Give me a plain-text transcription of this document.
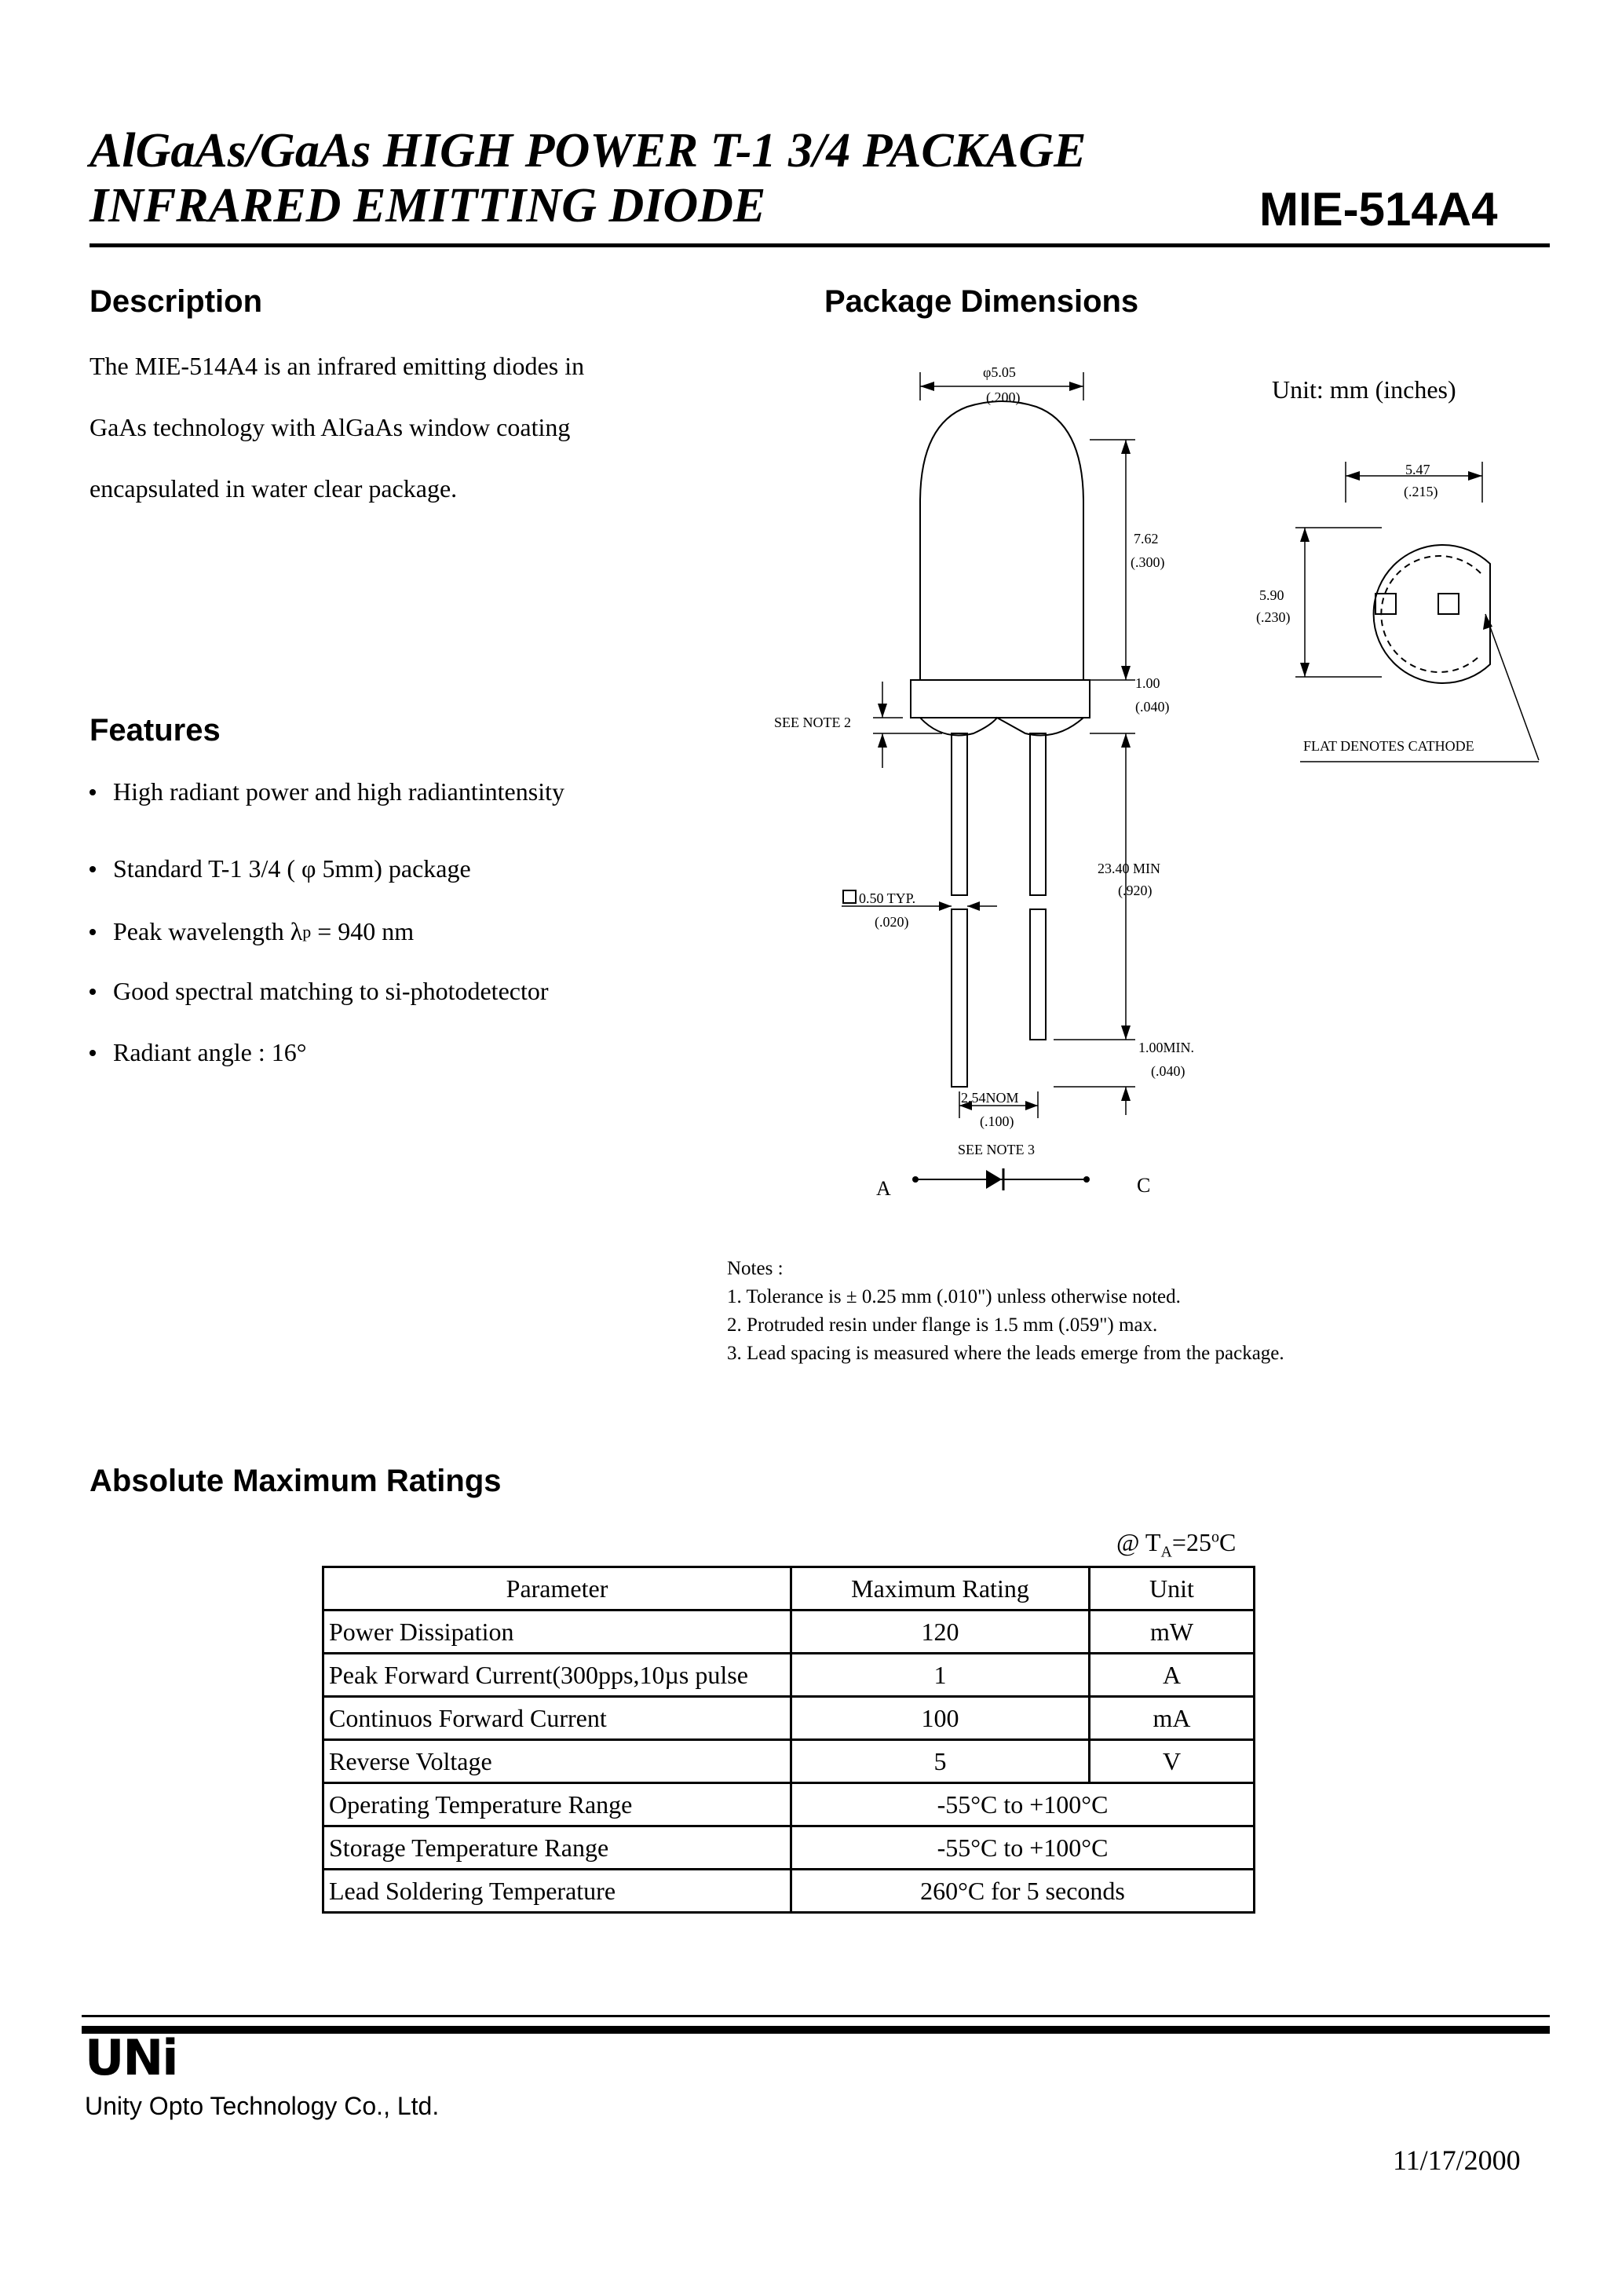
AlGaAs/GaAs HIGH POWER T-1 3/4 PACKAGE
INFRARED EMITTING DIODE	MIE-514A4
Description
The MIE-514A4 is an infrared emitting diodes in
GaAs technology with AlGaAs window coating
encapsulated in water clear package.
Features
High radiant power and high radiantintensity
Standard T-1 3/4 ( φ 5mm) package
Peak wavelength λ p = 940 nm
Good spectral matching to si-photodetector
Radiant angle : 16°
Package Dimensions
Unit: mm (inches)
φ5.05
(.200)
7.62
(.300)
1.00
(.040)
SEE NOTE 2
23.40 MIN
(.920)
0.50 TYP.
(.020)
1.00MIN.
(.040)
2.54NOM
(.100)
SEE NOTE 3
5.47
(.215)
5.90
(.230)
FLAT DENOTES CATHODE
A	C
Notes :
1. Tolerance is ± 0.25 mm (.010") unless otherwise noted.
2. Protruded resin under flange is 1.5 mm (.059") max.
3. Lead spacing is measured where the leads emerge from the package.
Absolute Maximum Ratings
@ $T_A=25^oC$
Parameter	Maximum Rating	Unit
Power Dissipation	120	mW
Peak Forward Current(300pps,10µs pulse	1	A
Continuos Forward Current	100	mA
Reverse Voltage	5	V
Operating Temperature Range	-55°C to +100°C	
Storage Temperature Range	-55°C to +100°C	
Lead Soldering Temperature	260°C for 5 seconds	
UNi
Unity Opto Technology Co., Ltd.
11/17/2000
